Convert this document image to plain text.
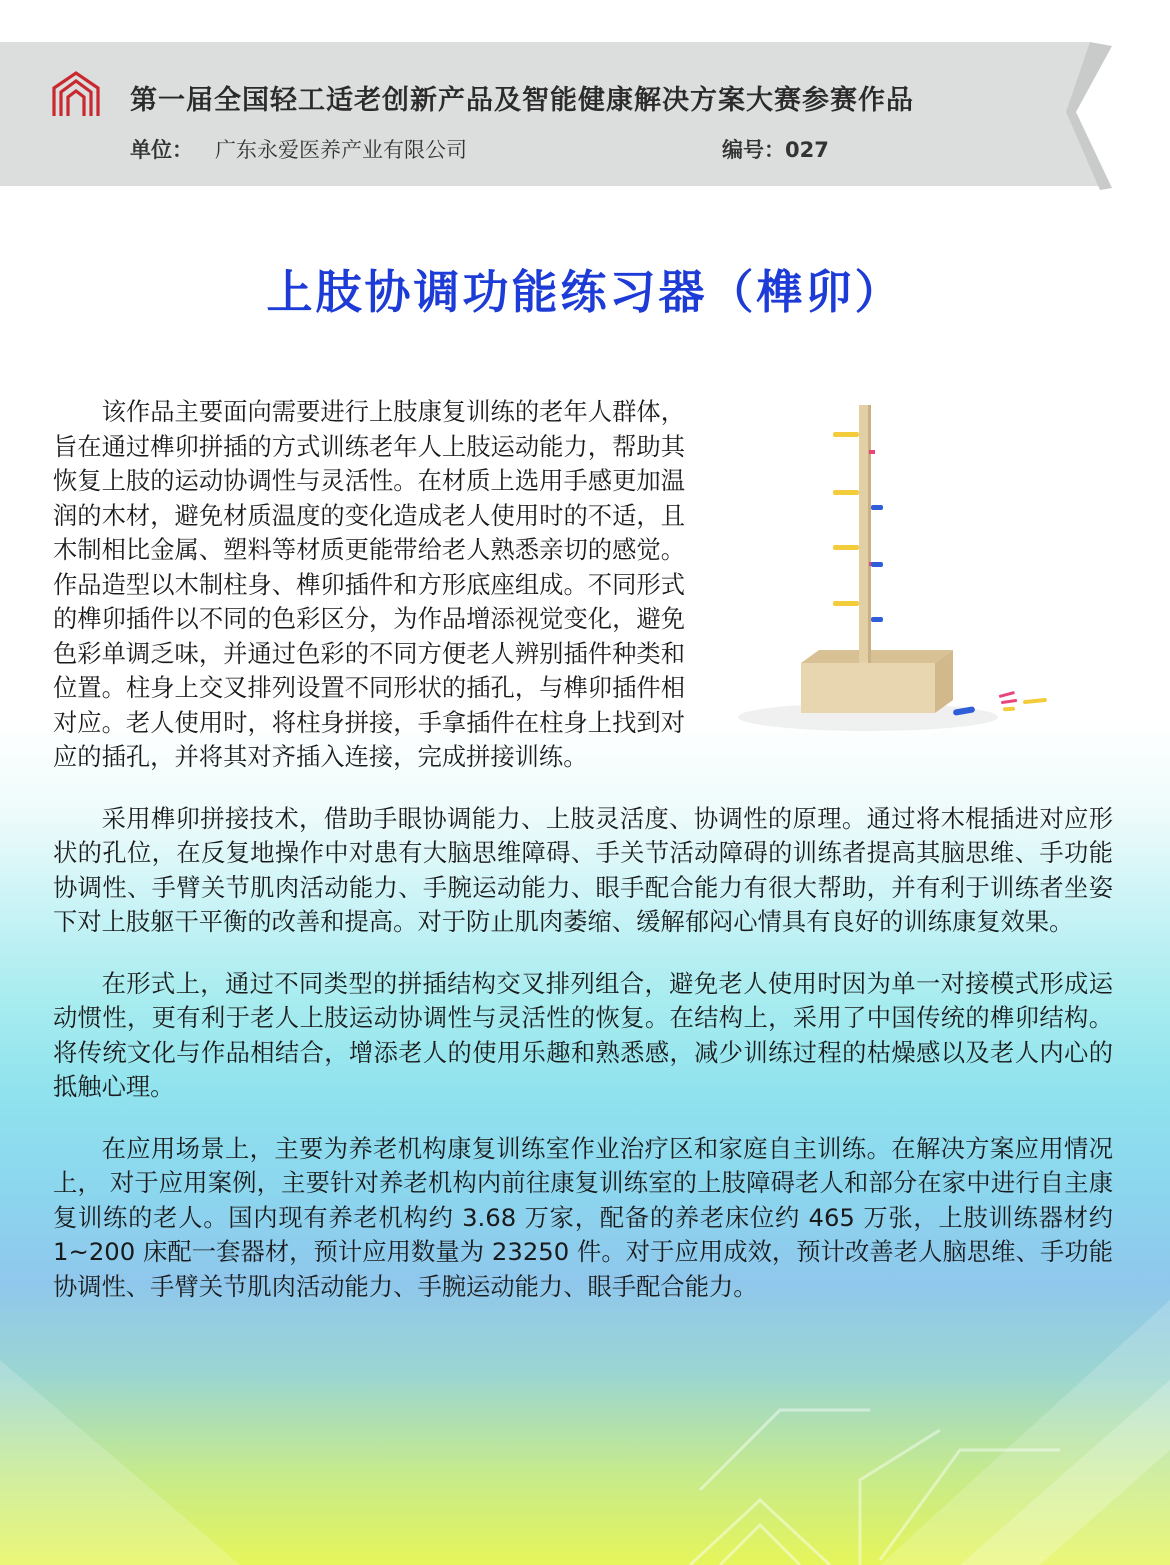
第一届全国轻工适老创新产品及智能健康解决方案大赛参赛作品
单位： 广东永爱医养产业有限公司	编号：027
上肢协调功能练习器（榫卯）

该作品主要面向需要进行上肢康复训练的老年人群体，旨在通过榫卯拼插的方式训练老年人上肢运动能力，帮助其恢复上肢的运动协调性与灵活性。在材质上选用手感更加温润的木材，避免材质温度的变化造成老人使用时的不适，且木制相比金属、塑料等材质更能带给老人熟悉亲切的感觉。作品造型以木制柱身、榫卯插件和方形底座组成。不同形式的榫卯插件以不同的色彩区分，为作品增添视觉变化，避免色彩单调乏味，并通过色彩的不同方便老人辨别插件种类和位置。柱身上交叉排列设置不同形状的插孔，与榫卯插件相对应。老人使用时，将柱身拼接，手拿插件在柱身上找到对应的插孔，并将其对齐插入连接，完成拼接训练。

采用榫卯拼接技术，借助手眼协调能力、上肢灵活度、协调性的原理。通过将木棍插进对应形状的孔位，在反复地操作中对患有大脑思维障碍、手关节活动障碍的训练者提高其脑思维、手功能协调性、手臂关节肌肉活动能力、手腕运动能力、眼手配合能力有很大帮助，并有利于训练者坐姿下对上肢躯干平衡的改善和提高。对于防止肌肉萎缩、缓解郁闷心情具有良好的训练康复效果。

在形式上，通过不同类型的拼插结构交叉排列组合，避免老人使用时因为单一对接模式形成运动惯性，更有利于老人上肢运动协调性与灵活性的恢复。在结构上，采用了中国传统的榫卯结构。将传统文化与作品相结合，增添老人的使用乐趣和熟悉感，减少训练过程的枯燥感以及老人内心的抵触心理。

在应用场景上，主要为养老机构康复训练室作业治疗区和家庭自主训练。在解决方案应用情况上， 对于应用案例，主要针对养老机构内前往康复训练室的上肢障碍老人和部分在家中进行自主康复训练的老人。国内现有养老机构约 3.68 万家，配备的养老床位约 465 万张，上肢训练器材约 1~200 床配一套器材，预计应用数量为 23250 件。对于应用成效，预计改善老人脑思维、手功能协调性、手臂关节肌肉活动能力、手腕运动能力、眼手配合能力。
